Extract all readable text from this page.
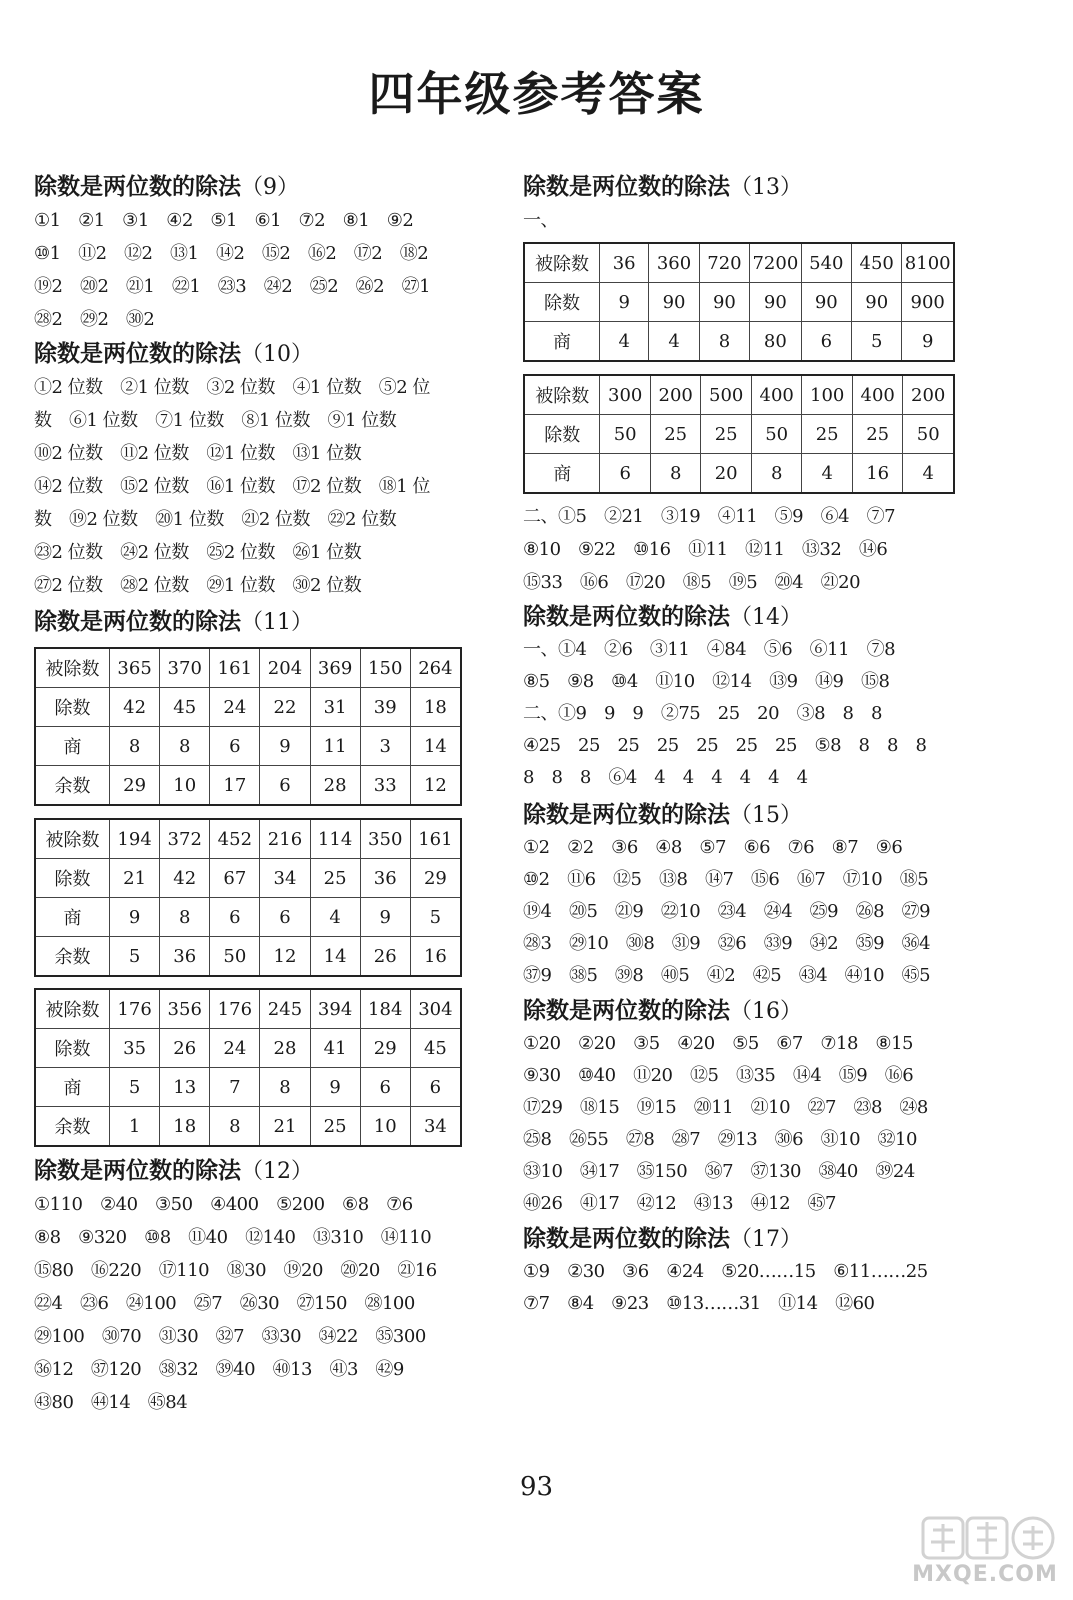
四年级参考答案
除数是两位数的除法（9）
①1　②1　③1　④2　⑤1　⑥1　⑦2　⑧1　⑨2
⑩1　⑪2　⑫2　⑬1　⑭2　⑮2　⑯2　⑰2　⑱2
⑲2　⑳2　㉑1　㉒1　㉓3　㉔2　㉕2　㉖2　㉗1
㉘2　㉙2　㉚2
除数是两位数的除法（10）
①2 位数　②1 位数　③2 位数　④1 位数　⑤2 位
数　⑥1 位数　⑦1 位数　⑧1 位数　⑨1 位数
⑩2 位数　⑪2 位数　⑫1 位数　⑬1 位数
⑭2 位数　⑮2 位数　⑯1 位数　⑰2 位数　⑱1 位
数　⑲2 位数　⑳1 位数　㉑2 位数　㉒2 位数
㉓2 位数　㉔2 位数　㉕2 位数　㉖1 位数
㉗2 位数　㉘2 位数　㉙1 位数　㉚2 位数
除数是两位数的除法（11）
被除数	365	370	161	204	369	150	264
除数	42	45	24	22	31	39	18
商	8	8	6	9	11	3	14
余数	29	10	17	6	28	33	12
被除数	194	372	452	216	114	350	161
除数	21	42	67	34	25	36	29
商	9	8	6	6	4	9	5
余数	5	36	50	12	14	26	16
被除数	176	356	176	245	394	184	304
除数	35	26	24	28	41	29	45
商	5	13	7	8	9	6	6
余数	1	18	8	21	25	10	34
除数是两位数的除法（12）
①110　②40　③50　④400　⑤200　⑥8　⑦6
⑧8　⑨320　⑩8　⑪40　⑫140　⑬310　⑭110
⑮80　⑯220　⑰110　⑱30　⑲20　⑳20　㉑16
㉒4　㉓6　㉔100　㉕7　㉖30　㉗150　㉘100
㉙100　㉚70　㉛30　㉜7　㉝30　㉞22　㉟300
㊱12　㊲120　㊳32　㊴40　㊵13　㊶3　㊷9
㊸80　㊹14　㊺84
除数是两位数的除法（13）
一、
被除数	36	360	720	7200	540	450	8100
除数	9	90	90	90	90	90	900
商	4	4	8	80	6	5	9
被除数	300	200	500	400	100	400	200
除数	50	25	25	50	25	25	50
商	6	8	20	8	4	16	4
二、①5　②21　③19　④11　⑤9　⑥4　⑦7
⑧10　⑨22　⑩16　⑪11　⑫11　⑬32　⑭6
⑮33　⑯6　⑰20　⑱5　⑲5　⑳4　㉑20
除数是两位数的除法（14）
一、①4　②6　③11　④84　⑤6　⑥11　⑦8
⑧5　⑨8　⑩4　⑪10　⑫14　⑬9　⑭9　⑮8
二、①9　9　9　②75　25　20　③8　8　8
④25　25　25　25　25　25　25　⑤8　8　8　8
8　8　8　⑥4　4　4　4　4　4　4
除数是两位数的除法（15）
①2　②2　③6　④8　⑤7　⑥6　⑦6　⑧7　⑨6
⑩2　⑪6　⑫5　⑬8　⑭7　⑮6　⑯7　⑰10　⑱5
⑲4　⑳5　㉑9　㉒10　㉓4　㉔4　㉕9　㉖8　㉗9
㉘3　㉙10　㉚8　㉛9　㉜6　㉝9　㉞2　㉟9　㊱4
㊲9　㊳5　㊴8　㊵5　㊶2　㊷5　㊸4　㊹10　㊺5
除数是两位数的除法（16）
①20　②20　③5　④20　⑤5　⑥7　⑦18　⑧15
⑨30　⑩40　⑪20　⑫5　⑬35　⑭4　⑮9　⑯6
⑰29　⑱15　⑲15　⑳11　㉑10　㉒7　㉓8　㉔8
㉕8　㉖55　㉗8　㉘7　㉙13　㉚6　㉛10　㉜10
㉝10　㉞17　㉟150　㊱7　㊲130　㊳40　㊴24
㊵26　㊶17　㊷12　㊸13　㊹12　㊺7
除数是两位数的除法（17）
①9　②30　③6　④24　⑤20……15　⑥11……25
⑦7　⑧4　⑨23　⑩13……31　⑪14　⑫60
93
MXQE.COM
